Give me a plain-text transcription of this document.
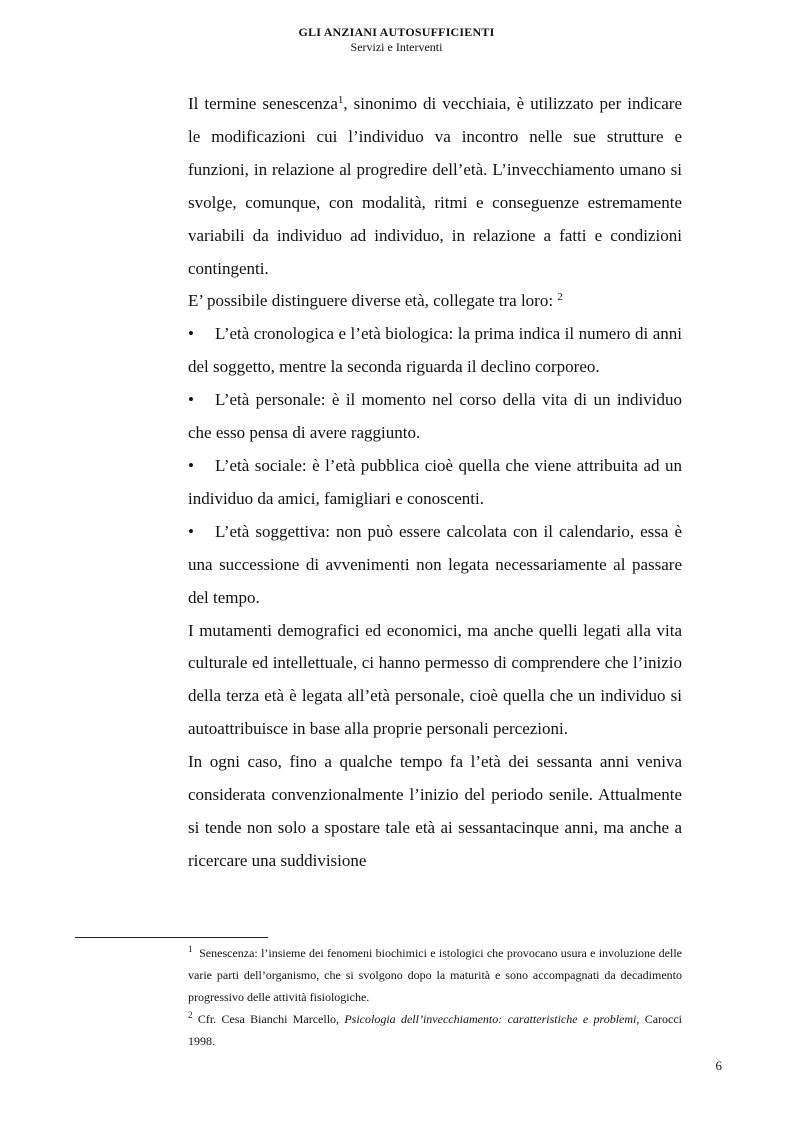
GLI ANZIANI AUTOSUFFICIENTI
Servizi e Interventi

Il termine senescenza$^1$, sinonimo di vecchiaia, è utilizzato per indicare le modificazioni cui l’individuo va incontro nelle sue strutture e funzioni, in relazione al progredire dell’età. L’invecchiamento umano si svolge, comunque, con modalità, ritmi e conseguenze estremamente variabili da individuo ad individuo, in relazione a fatti e condizioni contingenti.

E’ possibile distinguere diverse età, collegate tra loro: $^2$

• L’età cronologica e l’età biologica: la prima indica il numero di anni del soggetto, mentre la seconda riguarda il declino corporeo.

• L’età personale: è il momento nel corso della vita di un individuo che esso pensa di avere raggiunto.

• L’età sociale: è l’età pubblica cioè quella che viene attribuita ad un individuo da amici, famigliari e conoscenti.

• L’età soggettiva: non può essere calcolata con il calendario, essa è una successione di avvenimenti non legata necessariamente al passare del tempo.

I mutamenti demografici ed economici, ma anche quelli legati alla vita culturale ed intellettuale, ci hanno permesso di comprendere che l’inizio della terza età è legata all’età personale, cioè quella che un individuo si autoattribuisce in base alla proprie personali percezioni.

In ogni caso, fino a qualche tempo fa l’età dei sessanta anni veniva considerata convenzionalmente l’inizio del periodo senile. Attualmente si tende non solo a spostare tale età ai sessantacinque anni, ma anche a ricercare una suddivisione

$^1$ Senescenza: l’insieme dei fenomeni biochimici e istologici che provocano usura e involuzione delle varie parti dell’organismo, che si svolgono dopo la maturità e sono accompagnati da decadimento progressivo delle attività fisiologiche.

$^2$ Cfr. Cesa Bianchi Marcello, Psicologia dell’invecchiamento: caratteristiche e problemi, Carocci 1998.

6
